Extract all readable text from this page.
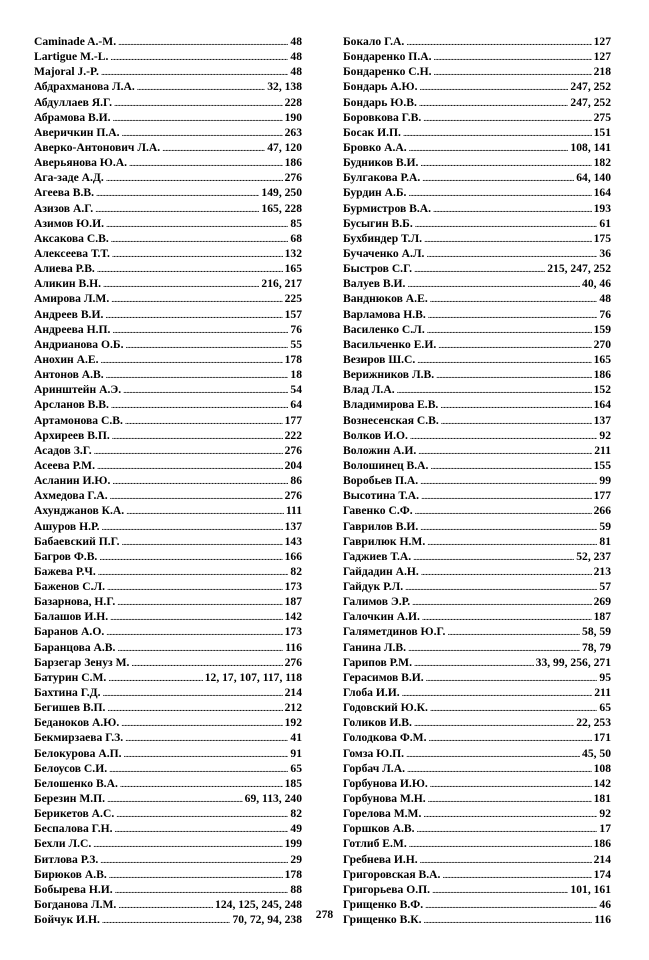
Caminade A.-M. . . .	48
Lartigue M.-L. . . .	48
Majoral J.-P. . . .	48
Абдрахманова Л.А. . . .	32, 138
Абдуллаев Я.Г. . . .	228
Абрамова В.И. . . .	190
Аверичкин П.А. . . .	263
Аверко-Антонович Л.А. . . .	47, 120
Аверьянова Ю.А. . . .	186
Ага-заде А.Д. . . .	276
Агеева В.В. . . .	149, 250
Азизов А.Г. . . .	165, 228
Азимов Ю.И. . . .	85
Аксакова С.В. . . .	68
Алексеева Т.Т. . . .	132
Алиева Р.В. . . .	165
Аликин В.Н. . . .	216, 217
Амирова Л.М. . . .	225
Андреев В.И. . . .	157
Андреева Н.П. . . .	76
Андрианова О.Б. . . .	55
Анохин А.Е. . . .	178
Антонов А.В. . . .	18
Аринштейн А.Э. . . .	54
Арсланов В.В. . . .	64
Артамонова С.В. . . .	177
Архиреев В.П. . . .	222
Асадов З.Г. . . .	276
Асеева Р.М. . . .	204
Асланин И.Ю. . . .	86
Ахмедова Г.А. . . .	276
Ахунджанов К.А. . . .	111
Ашуров Н.Р. . . .	137
Бабаевский П.Г. . . .	143
Багров Ф.В. . . .	166
Бажева Р.Ч. . . .	82
Баженов С.Л. . . .	173
Базарнова, Н.Г. . . .	187
Балашов И.Н. . . .	142
Баранов А.О. . . .	173
Баранцова А.В. . . .	116
Барзегар Зенуз М. . . .	276
Батурин С.М. . . .	12, 17, 107, 117, 118
Бахтина Г.Д. . . .	214
Бегишев В.П. . . .	212
Беданоков А.Ю. . . .	192
Бекмирзаева Г.З. . . .	41
Белокурова А.П. . . .	91
Белоусов С.И. . . .	65
Белошенко В.А. . . .	185
Березин М.П. . . .	69, 113, 240
Берикетов А.С. . . .	82
Беспалова Г.Н. . . .	49
Бехли Л.С. . . .	199
Битлова Р.З. . . .	29
Бирюков А.В. . . .	178
Бобырева Н.И. . . .	88
Богданова Л.М. . . .	124, 125, 245, 248
Бойчук И.Н. . . .	70, 72, 94, 238
Бокало Г.А. . . .	127
Бондаренко П.А. . . .	127
Бондаренко С.Н. . . .	218
Бондарь А.Ю. . . .	247, 252
Бондарь Ю.В. . . .	247, 252
Боровкова Г.В. . . .	275
Босак И.П. . . .	151
Бровко А.А. . . .	108, 141
Будников В.И. . . .	182
Булгакова Р.А. . . .	64, 140
Бурдин А.Б. . . .	164
Бурмистров В.А. . . .	193
Бусыгин В.Б. . . .	61
Бухбиндер Т.Л. . . .	175
Бучаченко А.Л. . . .	36
Быстров С.Г. . . .	215, 247, 252
Валуев В.И. . . .	40, 46
Ванднюков А.Е. . . .	48
Варламова Н.В. . . .	76
Василенко С.Л. . . .	159
Васильченко Е.И. . . .	270
Везиров Ш.С. . . .	165
Верижников Л.В. . . .	186
Влад Л.А. . . .	152
Владимирова Е.В. . . .	164
Вознесенская С.В. . . .	137
Волков И.О. . . .	92
Воложин А.И. . . .	211
Волошинец В.А. . . .	155
Воробьев П.А. . . .	99
Высотина Т.А. . . .	177
Гавенко С.Ф. . . .	266
Гаврилов В.И. . . .	59
Гаврилюк Н.М. . . .	81
Гаджиев Т.А. . . .	52, 237
Гайдадин А.Н. . . .	213
Гайдук Р.Л. . . .	57
Галимов Э.Р. . . .	269
Галочкин А.И. . . .	187
Галяметдинов Ю.Г. . . .	58, 59
Ганина Л.В. . . .	78, 79
Гарипов Р.М. . . .	33, 99, 256, 271
Герасимов В.И. . . .	95
Глоба И.И. . . .	211
Годовский Ю.К. . . .	65
Голиков И.В. . . .	22, 253
Голодкова Ф.М. . . .	171
Гомза Ю.П. . . .	45, 50
Горбач Л.А. . . .	108
Горбунова И.Ю. . . .	142
Горбунова М.Н. . . .	181
Горелова М.М. . . .	92
Горшков А.В. . . .	17
Готлиб Е.М. . . .	186
Гребнева И.Н. . . .	214
Григоровская В.А. . . .	174
Григорьева О.П. . . .	101, 161
Грищенко В.Ф. . . .	46
Грищенко В.К. . . .	116
278
